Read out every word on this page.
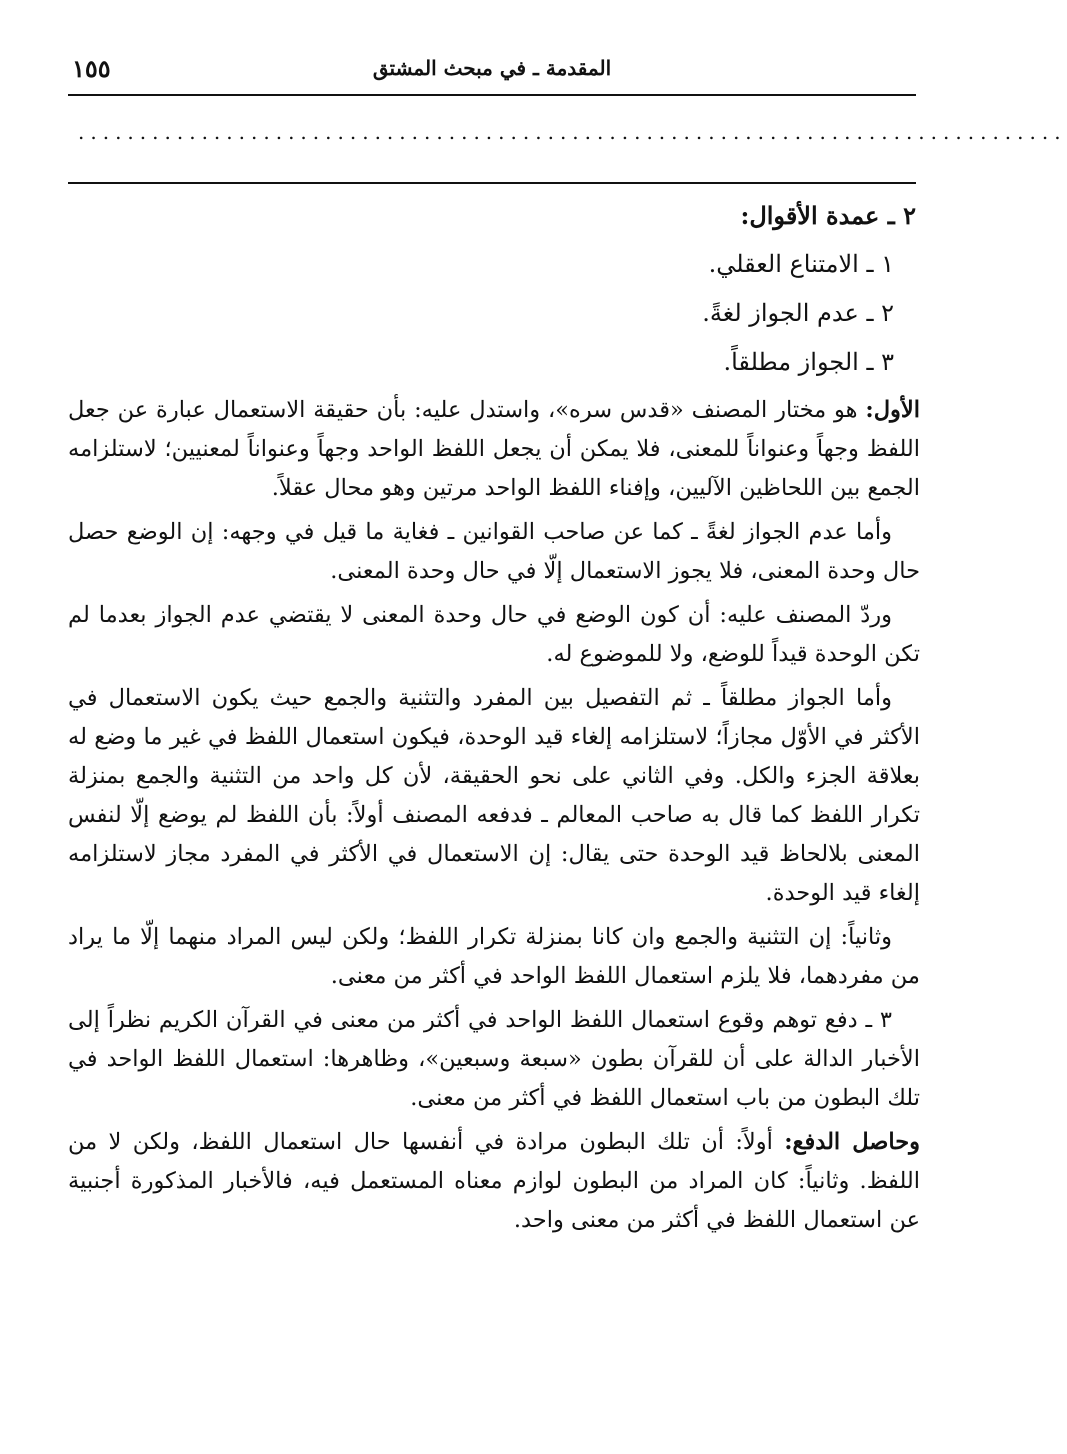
المقدمة ـ في مبحث المشتق
١٥٥
................................................................................
٢ ـ عمدة الأقوال:
١ ـ الامتناع العقلي.
٢ ـ عدم الجواز لغةً.
٣ ـ الجواز مطلقاً.

الأول: هو مختار المصنف «قدس سره»، واستدل عليه: بأن حقيقة الاستعمال عبارة عن جعل اللفظ وجهاً وعنواناً للمعنى، فلا يمكن أن يجعل اللفظ الواحد وجهاً وعنواناً لمعنيين؛ لاستلزامه الجمع بين اللحاظين الآليين، وإفناء اللفظ الواحد مرتين وهو محال عقلاً.

وأما عدم الجواز لغةً ـ كما عن صاحب القوانين ـ فغاية ما قيل في وجهه: إن الوضع حصل حال وحدة المعنى، فلا يجوز الاستعمال إلّا في حال وحدة المعنى.

وردّ المصنف عليه: أن كون الوضع في حال وحدة المعنى لا يقتضي عدم الجواز بعدما لم تكن الوحدة قيداً للوضع، ولا للموضوع له.

وأما الجواز مطلقاً ـ ثم التفصيل بين المفرد والتثنية والجمع حيث يكون الاستعمال في الأكثر في الأوّل مجازاً؛ لاستلزامه إلغاء قيد الوحدة، فيكون استعمال اللفظ في غير ما وضع له بعلاقة الجزء والكل. وفي الثاني على نحو الحقيقة، لأن كل واحد من التثنية والجمع بمنزلة تكرار اللفظ كما قال به صاحب المعالم ـ فدفعه المصنف أولاً: بأن اللفظ لم يوضع إلّا لنفس المعنى بلالحاظ قيد الوحدة حتى يقال: إن الاستعمال في الأكثر في المفرد مجاز لاستلزامه إلغاء قيد الوحدة.

وثانياً: إن التثنية والجمع وان كانا بمنزلة تكرار اللفظ؛ ولكن ليس المراد منهما إلّا ما يراد من مفردهما، فلا يلزم استعمال اللفظ الواحد في أكثر من معنى.

٣ ـ دفع توهم وقوع استعمال اللفظ الواحد في أكثر من معنى في القرآن الكريم نظراً إلى الأخبار الدالة على أن للقرآن بطون «سبعة وسبعين»، وظاهرها: استعمال اللفظ الواحد في تلك البطون من باب استعمال اللفظ في أكثر من معنى.

وحاصل الدفع: أولاً: أن تلك البطون مرادة في أنفسها حال استعمال اللفظ، ولكن لا من اللفظ. وثانياً: كان المراد من البطون لوازم معناه المستعمل فيه، فالأخبار المذكورة أجنبية عن استعمال اللفظ في أكثر من معنى واحد.
